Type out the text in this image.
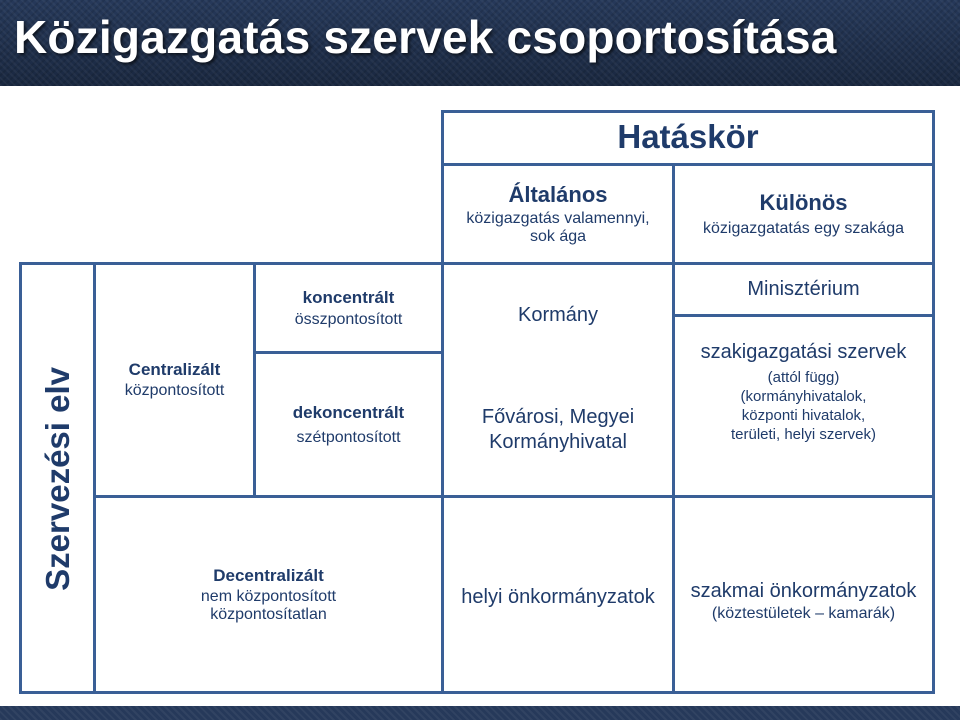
Közigazgatás szervek csoportosítása
Hatáskör
Szervezési elv
Általános
közigazgatás valamennyi,
sok ága
Különös
közigazgatatás egy szakága
Centralizált
központosított
koncentrált
összpontosított
dekoncentrált
szétpontosított
Decentralizált
nem központosított
központosítatlan
Kormány
Minisztérium
Fővárosi, Megyei
Kormányhivatal
szakigazgatási szervek
(attól függ)
(kormányhivatalok,
központi hivatalok,
területi, helyi szervek)
helyi önkormányzatok szakmai önkormányzatok
(köztestületek – kamarák)
